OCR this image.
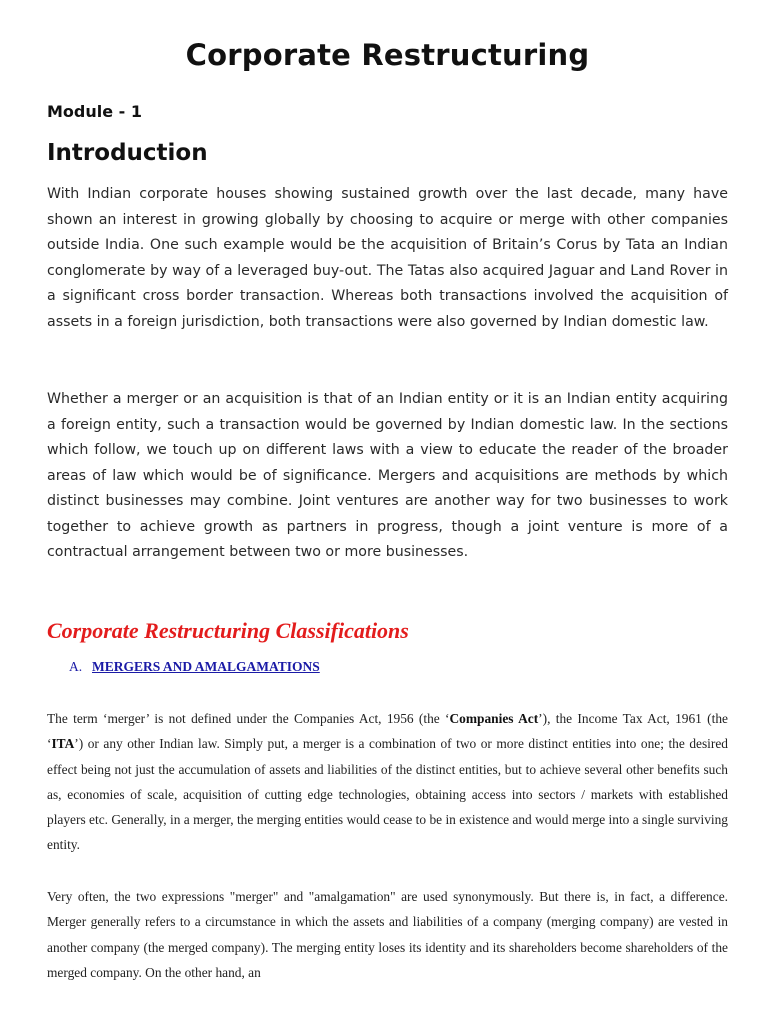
Corporate Restructuring
Module - 1
Introduction

With Indian corporate houses showing sustained growth over the last decade, many have shown an interest in growing globally by choosing to acquire or merge with other companies outside India. One such example would be the acquisition of Britain’s Corus by Tata an Indian conglomerate by way of a leveraged buy-out. The Tatas also acquired Jaguar and Land Rover in a significant cross border transaction. Whereas both transactions involved the acquisition of assets in a foreign jurisdiction, both transactions were also governed by Indian domestic law.

Whether a merger or an acquisition is that of an Indian entity or it is an Indian entity acquiring a foreign entity, such a transaction would be governed by Indian domestic law. In the sections which follow, we touch up on different laws with a view to educate the reader of the broader areas of law which would be of significance. Mergers and acquisitions are methods by which distinct businesses may combine. Joint ventures are another way for two businesses to work together to achieve growth as partners in progress, though a joint venture is more of a contractual arrangement between two or more businesses.

Corporate Restructuring Classifications
A. MERGERS AND AMALGAMATIONS

The term ‘merger’ is not defined under the Companies Act, 1956 (the ‘Companies Act’), the Income Tax Act, 1961 (the ‘ITA’) or any other Indian law. Simply put, a merger is a combination of two or more distinct entities into one; the desired effect being not just the accumulation of assets and liabilities of the distinct entities, but to achieve several other benefits such as, economies of scale, acquisition of cutting edge technologies, obtaining access into sectors / markets with established players etc. Generally, in a merger, the merging entities would cease to be in existence and would merge into a single surviving entity.

Very often, the two expressions "merger" and "amalgamation" are used synonymously. But there is, in fact, a difference. Merger generally refers to a circumstance in which the assets and liabilities of a company (merging company) are vested in another company (the merged company). The merging entity loses its identity and its shareholders become shareholders of the merged company. On the other hand, an
